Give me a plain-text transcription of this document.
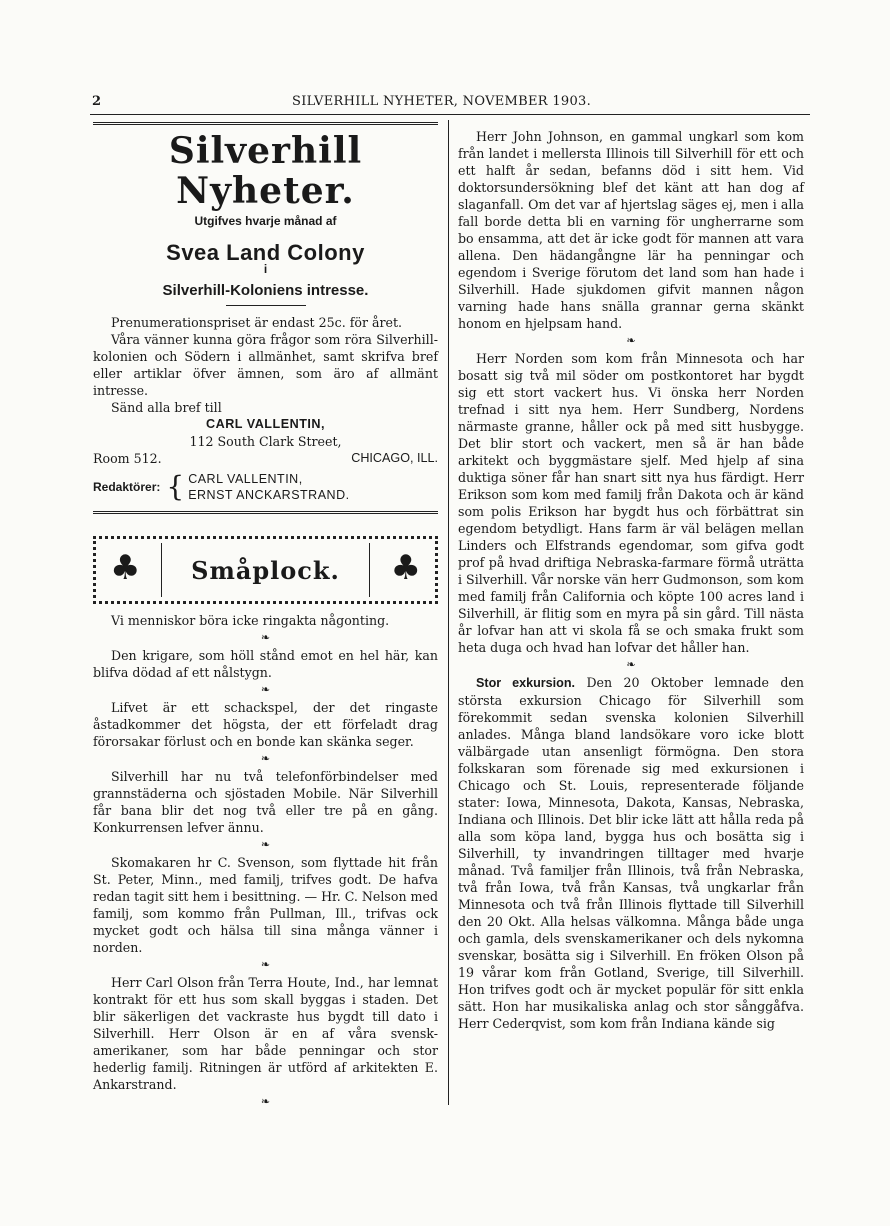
2	SILVERHILL NYHETER, NOVEMBER 1903.
Silverhill Nyheter.
Utgifves hvarje månad af
Svea Land Colony
i
Silverhill-Koloniens intresse.

Prenumerationspriset är endast 25c. för året.

Våra vänner kunna göra frågor som röra Silverhill-kolonien och Södern i allmänhet, samt skrifva bref eller artiklar öfver ämnen, som äro af allmänt intresse.

Sänd alla bref till

CARL VALLENTIN,
112 South Clark Street,
Room 512.	CHICAGO, ILL.
Redaktörer: { CARL VALLENTIN,
ERNST ANCKARSTRAND.
♣ Småplock. ♣

Vi menniskor böra icke ringakta någonting.

❧

Den krigare, som höll stånd emot en hel här, kan blifva dödad af ett nålstygn.

❧

Lifvet är ett schackspel, der det ringaste åstadkommer det högsta, der ett förfeladt drag förorsakar förlust och en bonde kan skänka seger.

❧

Silverhill har nu två telefonförbindelser med grannstäderna och sjöstaden Mobile. När Silverhill får bana blir det nog två eller tre på en gång. Konkurrensen lefver ännu.

❧

Skomakaren hr C. Svenson, som flyttade hit från St. Peter, Minn., med familj, trifves godt. De hafva redan tagit sitt hem i besittning. — Hr. C. Nelson med familj, som kommo från Pullman, Ill., trifvas ock mycket godt och hälsa till sina många vänner i norden.

❧

Herr Carl Olson från Terra Houte, Ind., har lemnat kontrakt för ett hus som skall byggas i staden. Det blir säkerligen det vackraste hus bygdt till dato i Silverhill. Herr Olson är en af våra svensk-amerikaner, som har både penningar och stor hederlig familj. Ritningen är utförd af arkitekten E. Ankarstrand.

❧

Herr John Johnson, en gammal ungkarl som kom från landet i mellersta Illinois till Silverhill för ett och ett halft år sedan, befanns död i sitt hem. Vid doktorsundersökning blef det känt att han dog af slaganfall. Om det var af hjertslag säges ej, men i alla fall borde detta bli en varning för ungherrarne som bo ensamma, att det är icke godt för mannen att vara allena. Den hädangångne lär ha penningar och egendom i Sverige förutom det land som han hade i Silverhill. Hade sjukdomen gifvit mannen någon varning hade hans snälla grannar gerna skänkt honom en hjelpsam hand.

❧

Herr Norden som kom från Minnesota och har bosatt sig två mil söder om postkontoret har bygdt sig ett stort vackert hus. Vi önska herr Norden trefnad i sitt nya hem. Herr Sundberg, Nordens närmaste granne, håller ock på med sitt husbygge. Det blir stort och vackert, men så är han både arkitekt och byggmästare sjelf. Med hjelp af sina duktiga söner får han snart sitt nya hus färdigt. Herr Erikson som kom med familj från Dakota och är känd som polis Erikson har bygdt hus och förbättrat sin egendom betydligt. Hans farm är väl belägen mellan Linders och Elfstrands egendomar, som gifva godt prof på hvad driftiga Nebraska-farmare förmå uträtta i Silverhill. Vår norske vän herr Gudmonson, som kom med familj från California och köpte 100 acres land i Silverhill, är flitig som en myra på sin gård. Till nästa år lofvar han att vi skola få se och smaka frukt som heta duga och hvad han lofvar det håller han.

❧

Stor exkursion. Den 20 Oktober lemnade den största exkursion Chicago för Silverhill som förekommit sedan svenska kolonien Silverhill anlades. Många bland landsökare voro icke blott välbärgade utan ansenligt förmögna. Den stora folkskaran som förenade sig med exkursionen i Chicago och St. Louis, representerade följande stater: Iowa, Minnesota, Dakota, Kansas, Nebraska, Indiana och Illinois. Det blir icke lätt att hålla reda på alla som köpa land, bygga hus och bosätta sig i Silverhill, ty invandringen tilltager med hvarje månad. Två familjer från Illinois, två från Nebraska, två från Iowa, två från Kansas, två ungkarlar från Minnesota och två från Illinois flyttade till Silverhill den 20 Okt. Alla helsas välkomna. Många både unga och gamla, dels svenskamerikaner och dels nykomna svenskar, bosätta sig i Silverhill. En fröken Olson på 19 vårar kom från Gotland, Sverige, till Silverhill. Hon trifves godt och är mycket populär för sitt enkla sätt. Hon har musikaliska anlag och stor sånggåfva. Herr Cederqvist, som kom från Indiana kände sig
